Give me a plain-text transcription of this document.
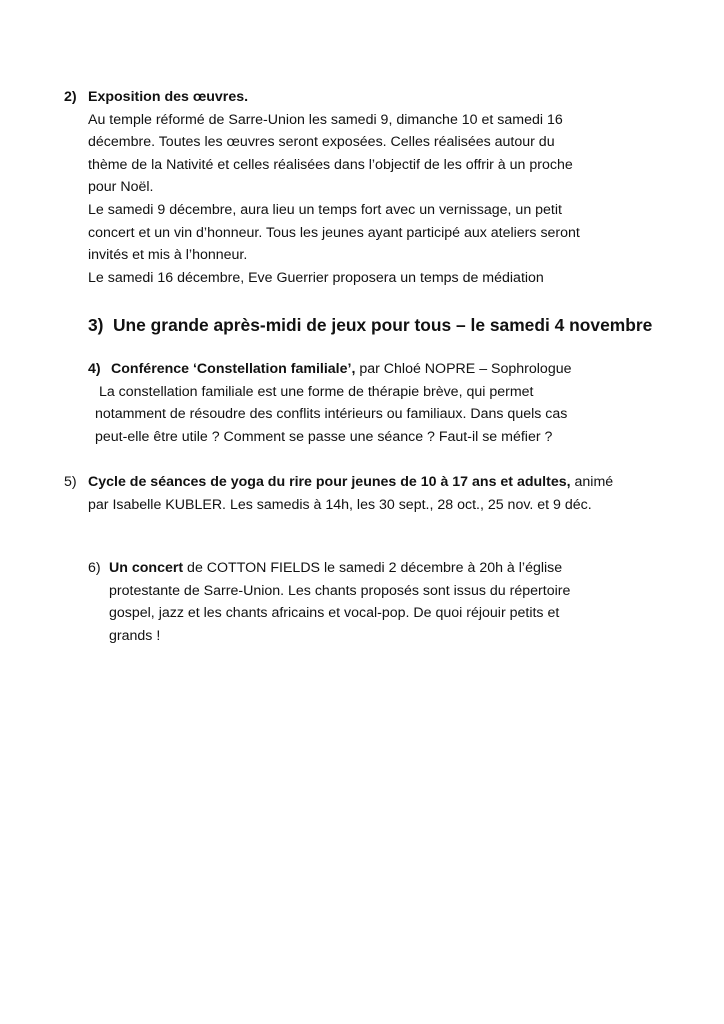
2) Exposition des œuvres.
Au temple réformé de Sarre-Union les samedi 9, dimanche 10 et samedi 16
décembre. Toutes les œuvres seront exposées. Celles réalisées autour du
thème de la Nativité et celles réalisées dans l’objectif de les offrir à un proche
pour Noël.
Le samedi 9 décembre, aura lieu un temps fort avec un vernissage, un petit
concert et un vin d’honneur. Tous les jeunes ayant participé aux ateliers seront
invités et mis à l’honneur.
Le samedi 16 décembre, Eve Guerrier proposera un temps de médiation
3) Une grande après-midi de jeux pour tous – le samedi 4 novembre
4) Conférence ‘Constellation familiale’, par Chloé NOPRE – Sophrologue
La constellation familiale est une forme de thérapie brève, qui permet
notamment de résoudre des conflits intérieurs ou familiaux. Dans quels cas
peut-elle être utile ? Comment se passe une séance ? Faut-il se méfier ?
5) Cycle de séances de yoga du rire pour jeunes de 10 à 17 ans et adultes, animé
par Isabelle KUBLER. Les samedis à 14h, les 30 sept., 28 oct., 25 nov. et 9 déc.
6) Un concert de COTTON FIELDS le samedi 2 décembre à 20h à l’église
protestante de Sarre-Union. Les chants proposés sont issus du répertoire
gospel, jazz et les chants africains et vocal-pop. De quoi réjouir petits et
grands !
